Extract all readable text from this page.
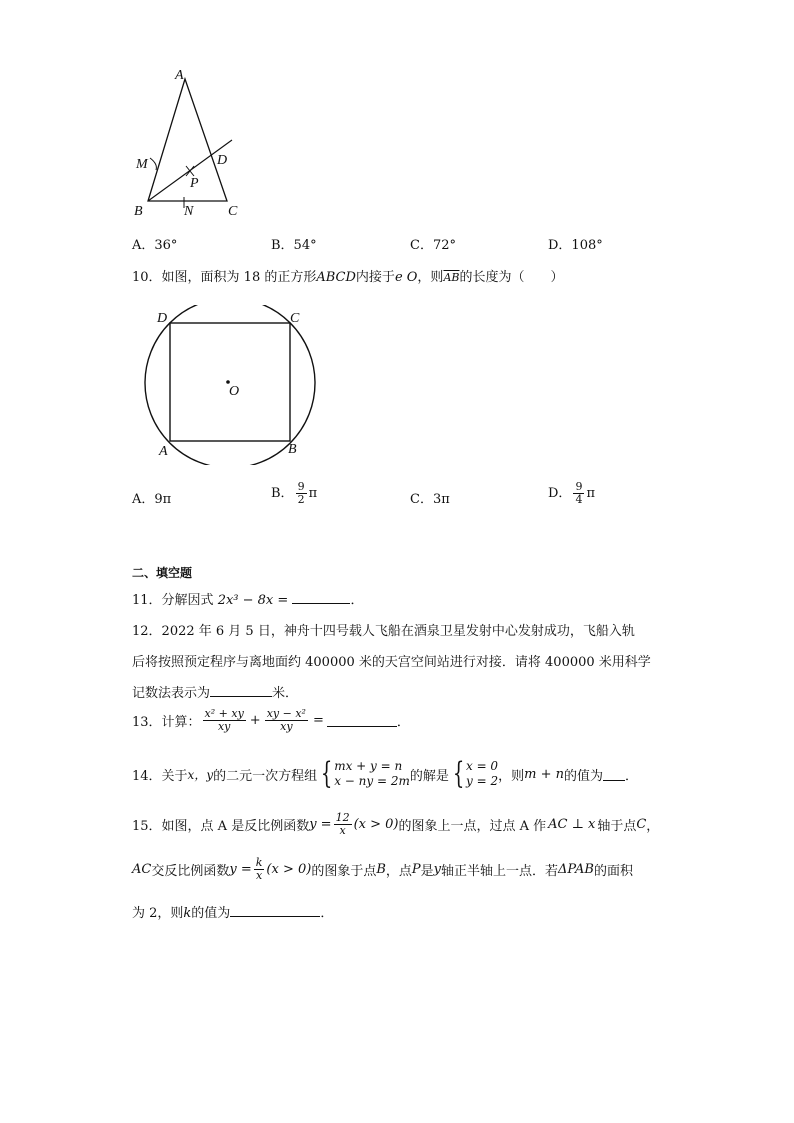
A
B	C
D
M
N
P
A．36°	B．54°	C．72°	D．108°
10．如图，面积为 18 的正方形ABCD内接于e O，则$\overline{AB}$的长度为（　　）
D	C
A	B
O
A．9π	B． $\frac{9}{2}$ π	C．3π	D． $\frac{9}{4}$ π
二、填空题
11．分解因式 2x³ − 8x =	．
12．2022 年 6 月 5 日，神舟十四号载人飞船在酒泉卫星发射中心发射成功，飞船入轨
后将按照预定程序与离地面约 400000 米的天宫空间站进行对接．请将 400000 米用科学
记数法表示为	米．
13．计算： $\frac{\text{x² + xy}}{xy} + \frac{\text{xy − x²}}{xy}$ =	．
14．关于 x，y 的二元一次方程组 { mx + y = n
x − ny = 2m 的解是 { x = 0
y = 2 ，则 m + n 的值为 ．
15．如图，点 A 是反比例函数 $y = \frac{12}{x} (x > 0)$ 的图象上一点，过点 A 作 AC ⊥ x 轴于点 C ，
AC 交反比例函数 $y = \frac{k}{x} (x > 0)$ 的图象于点 B ，点 P 是 y 轴正半轴上一点．若 ΔPAB 的面积
为 2，则k的值为	．
